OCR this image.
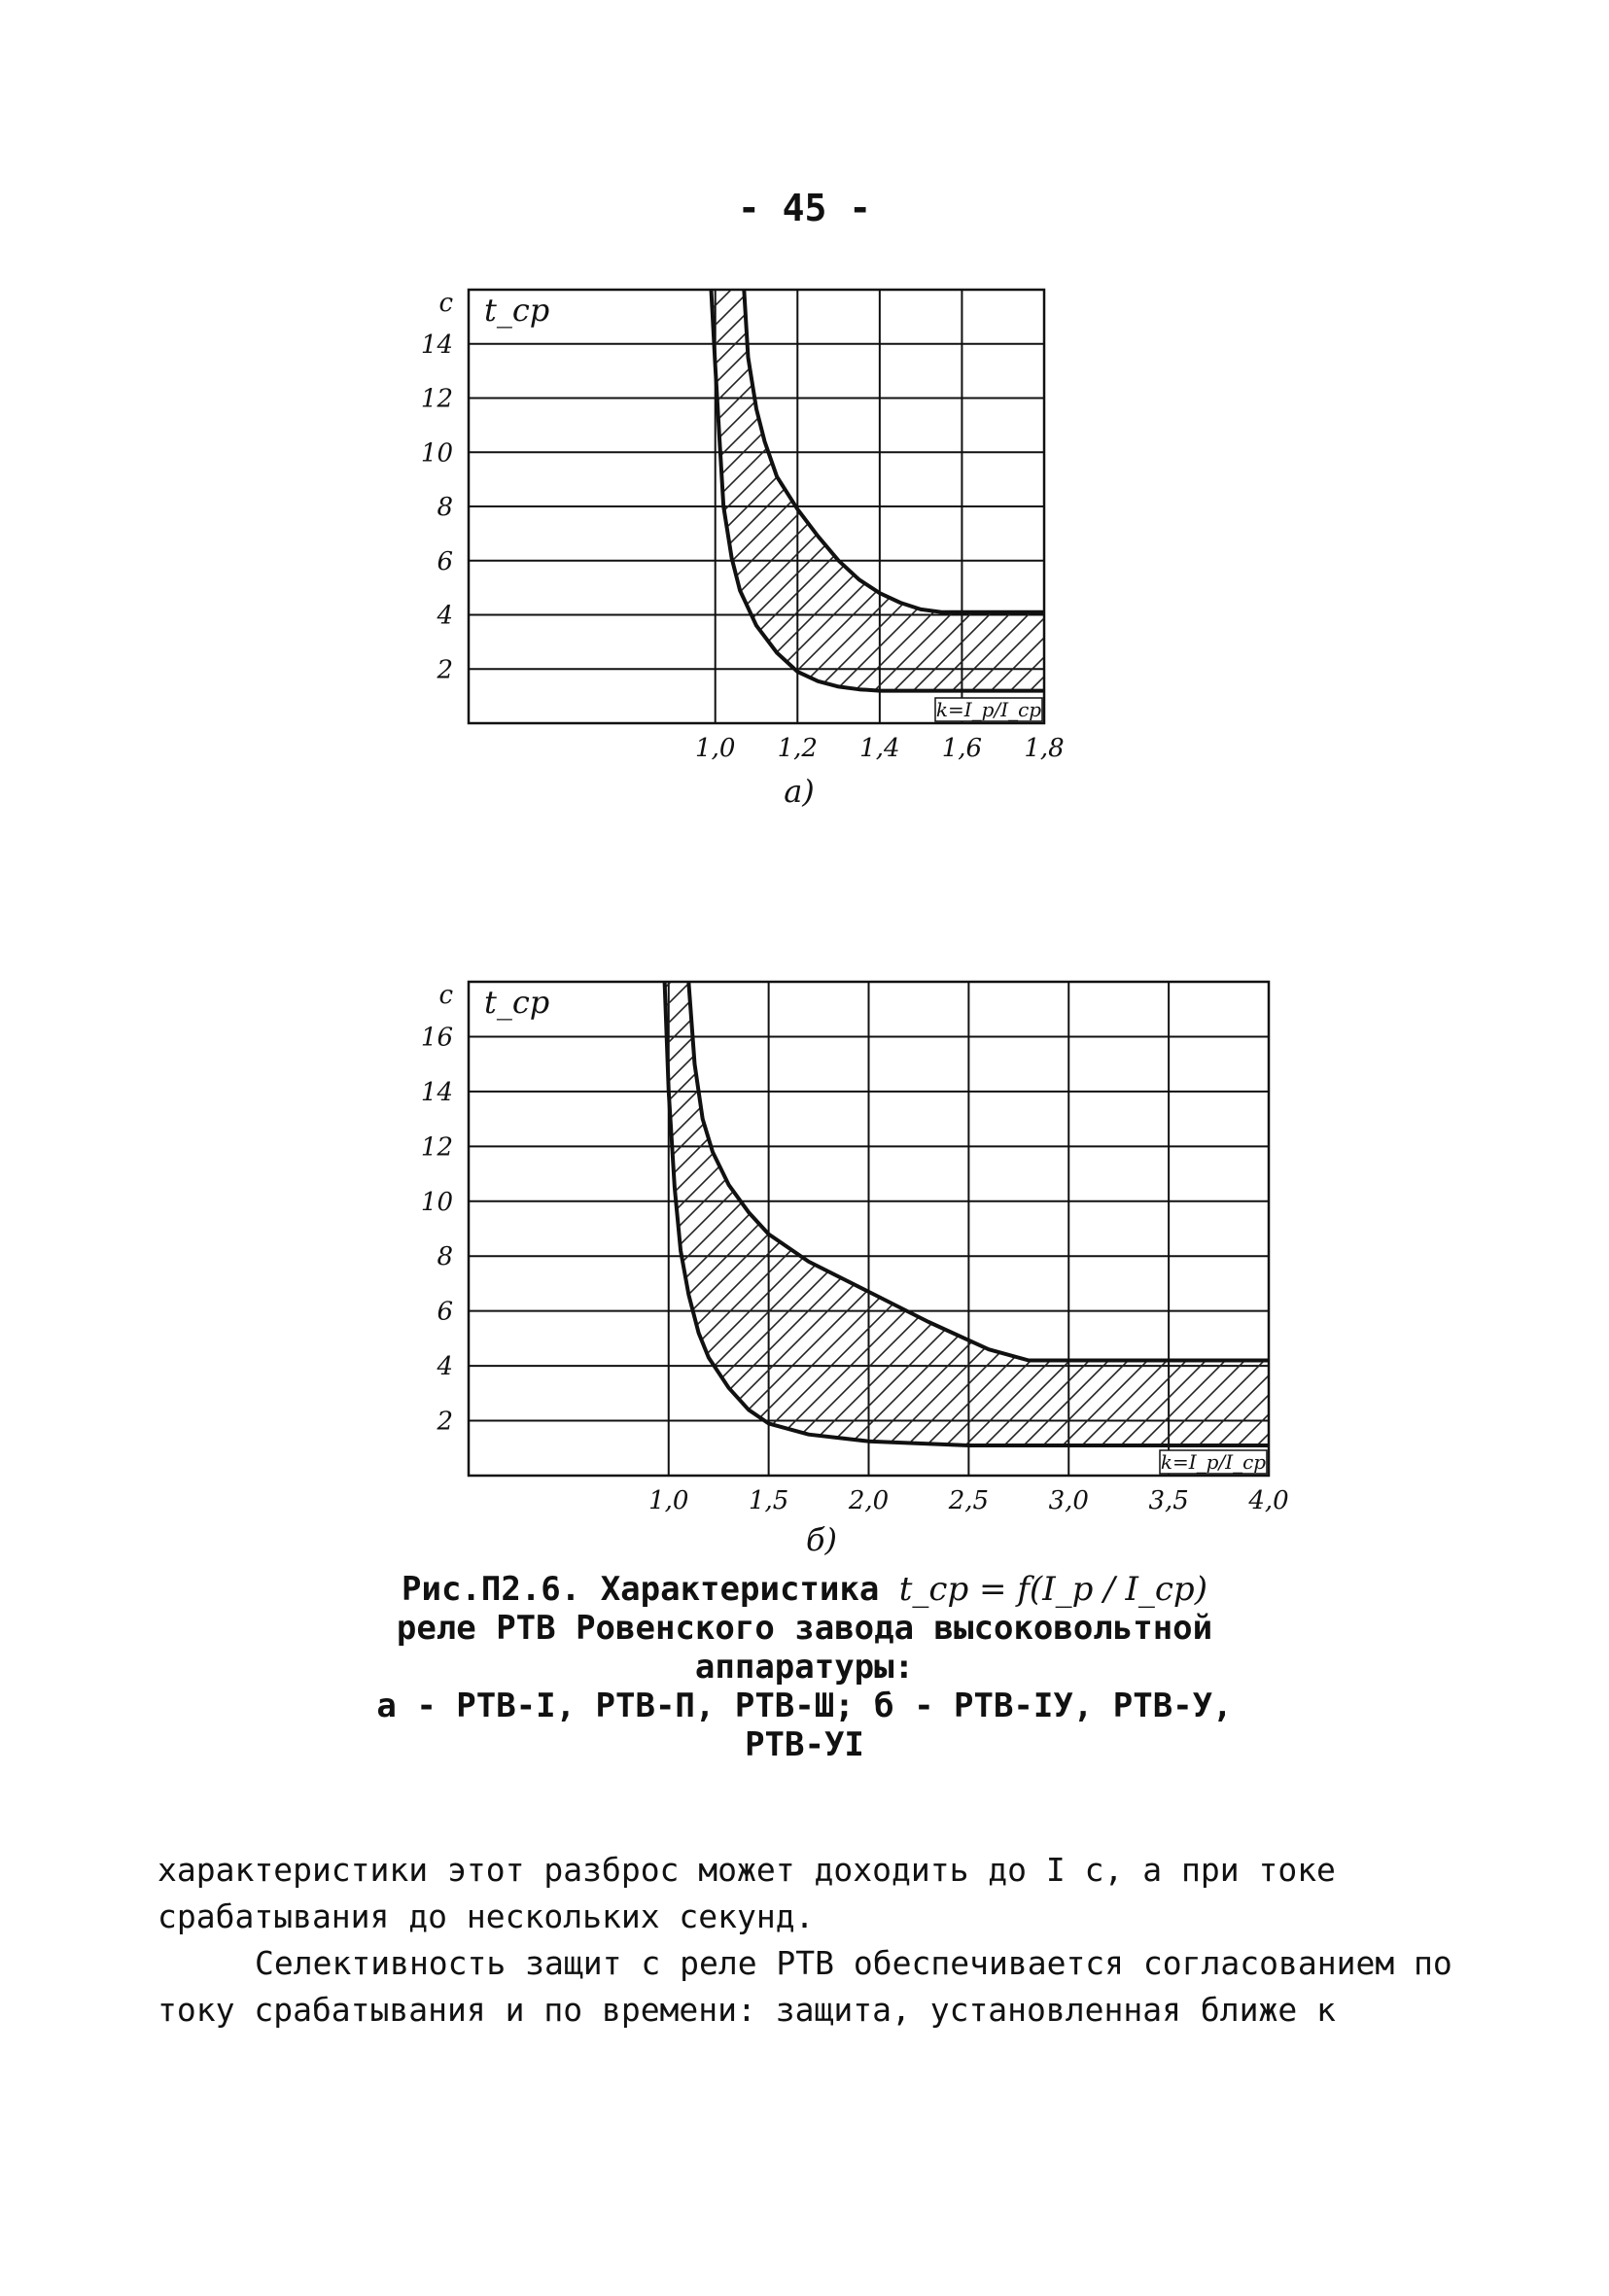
- 45 -
2
4
6
8
10
12
14
c t_cp
1,0 1,2 1,4 1,6 1,8
k=I_p/I_cp
a)
2
4
6
8
10
12
14
16
c t_cp
1,0 1,5 2,0 2,5 3,0 3,5 4,0
k=I_p/I_cp
б)
Рис.П2.6. Характеристика t_cp = f(I_p / I_cp)
реле РТВ Ровенского завода высоковольтной
аппаратуры:
а - РТВ-I, РТВ-П, РТВ-Ш; б - РТВ-IУ, РТВ-У,
РТВ-УI

характеристики этот разброс может доходить до I с, а при токе срабатывания до нескольких секунд.

Селективность защит с реле РТВ обеспечивается согласованием по току срабатывания и по времени: защита, установленная ближе к
